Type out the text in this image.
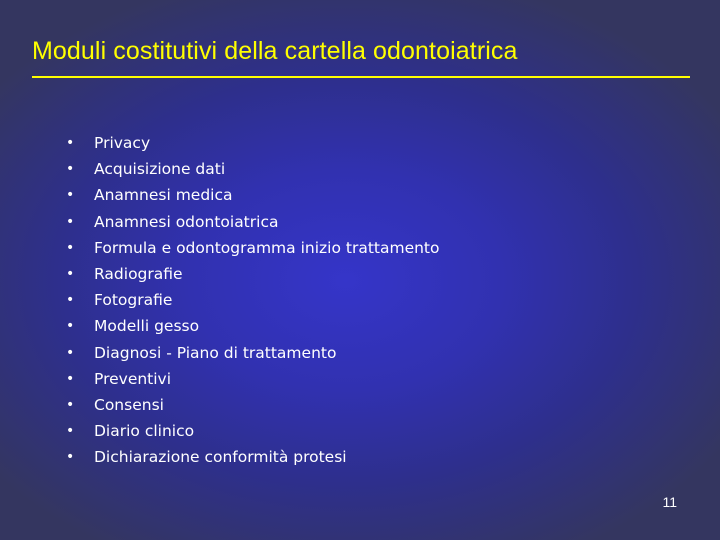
Moduli costitutivi della cartella odontoiatrica
• Privacy
• Acquisizione dati
• Anamnesi medica
• Anamnesi odontoiatrica
• Formula e odontogramma inizio trattamento
• Radiografie
• Fotografie
• Modelli gesso
• Diagnosi - Piano di trattamento
• Preventivi
• Consensi
• Diario clinico
• Dichiarazione conformità protesi
11
